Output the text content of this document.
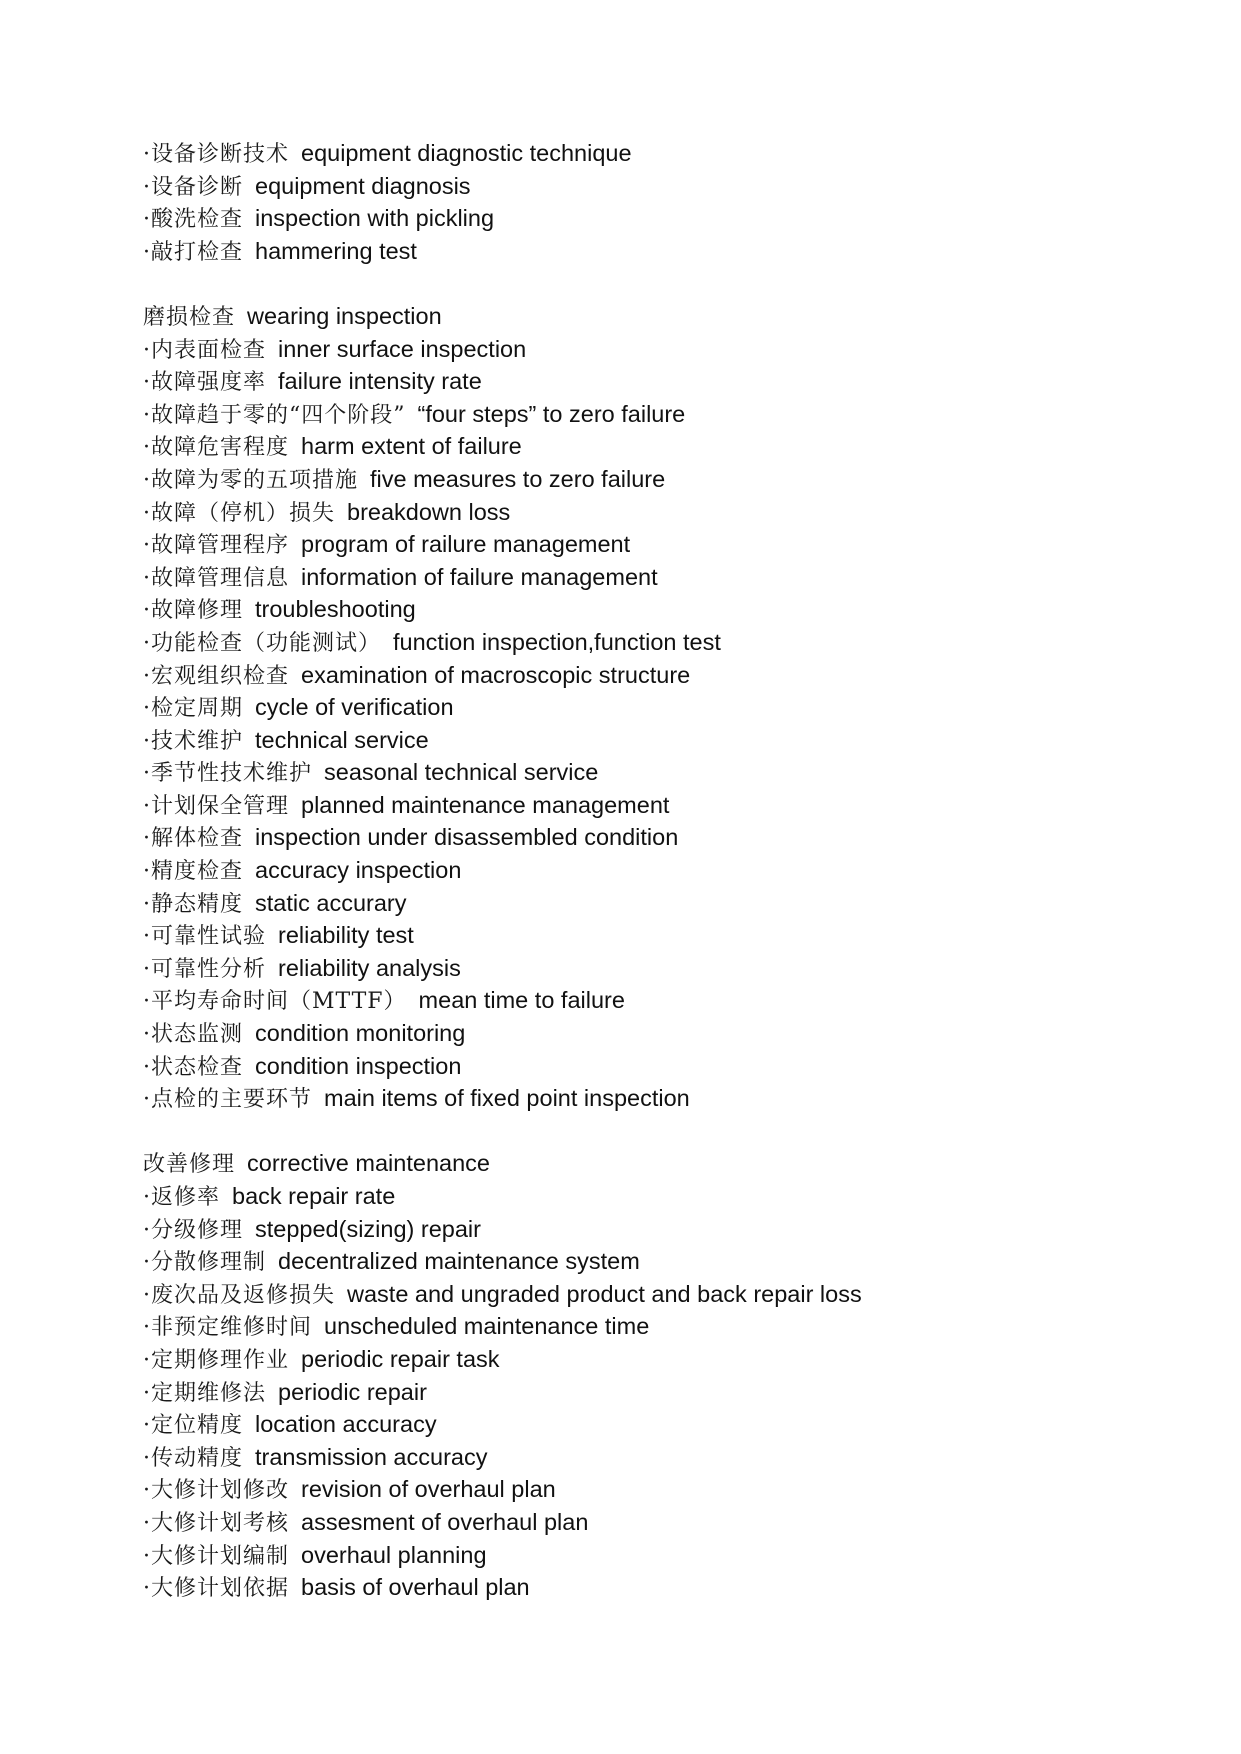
·设备诊断技术 equipment diagnostic technique
·设备诊断 equipment diagnosis
·酸洗检查 inspection with pickling
·敲打检查 hammering test
磨损检查 wearing inspection
·内表面检查 inner surface inspection
·故障强度率 failure intensity rate
·故障趋于零的“四个阶段” “four steps” to zero failure
·故障危害程度 harm extent of failure
·故障为零的五项措施 five measures to zero failure
·故障（停机）损失 breakdown loss
·故障管理程序 program of railure management
·故障管理信息 information of failure management
·故障修理 troubleshooting
·功能检查（功能测试） function inspection,function test
·宏观组织检查 examination of macroscopic structure
·检定周期 cycle of verification
·技术维护 technical service
·季节性技术维护 seasonal technical service
·计划保全管理 planned maintenance management
·解体检查 inspection under disassembled condition
·精度检查 accuracy inspection
·静态精度 static accurary
·可靠性试验 reliability test
·可靠性分析 reliability analysis
·平均寿命时间（MTTF） mean time to failure
·状态监测 condition monitoring
·状态检查 condition inspection
·点检的主要环节 main items of fixed point inspection
改善修理 corrective maintenance
·返修率 back repair rate
·分级修理 stepped(sizing) repair
·分散修理制 decentralized maintenance system
·废次品及返修损失 waste and ungraded product and back repair loss
·非预定维修时间 unscheduled maintenance time
·定期修理作业 periodic repair task
·定期维修法 periodic repair
·定位精度 location accuracy
·传动精度 transmission accuracy
·大修计划修改 revision of overhaul plan
·大修计划考核 assesment of overhaul plan
·大修计划编制 overhaul planning
·大修计划依据 basis of overhaul plan
